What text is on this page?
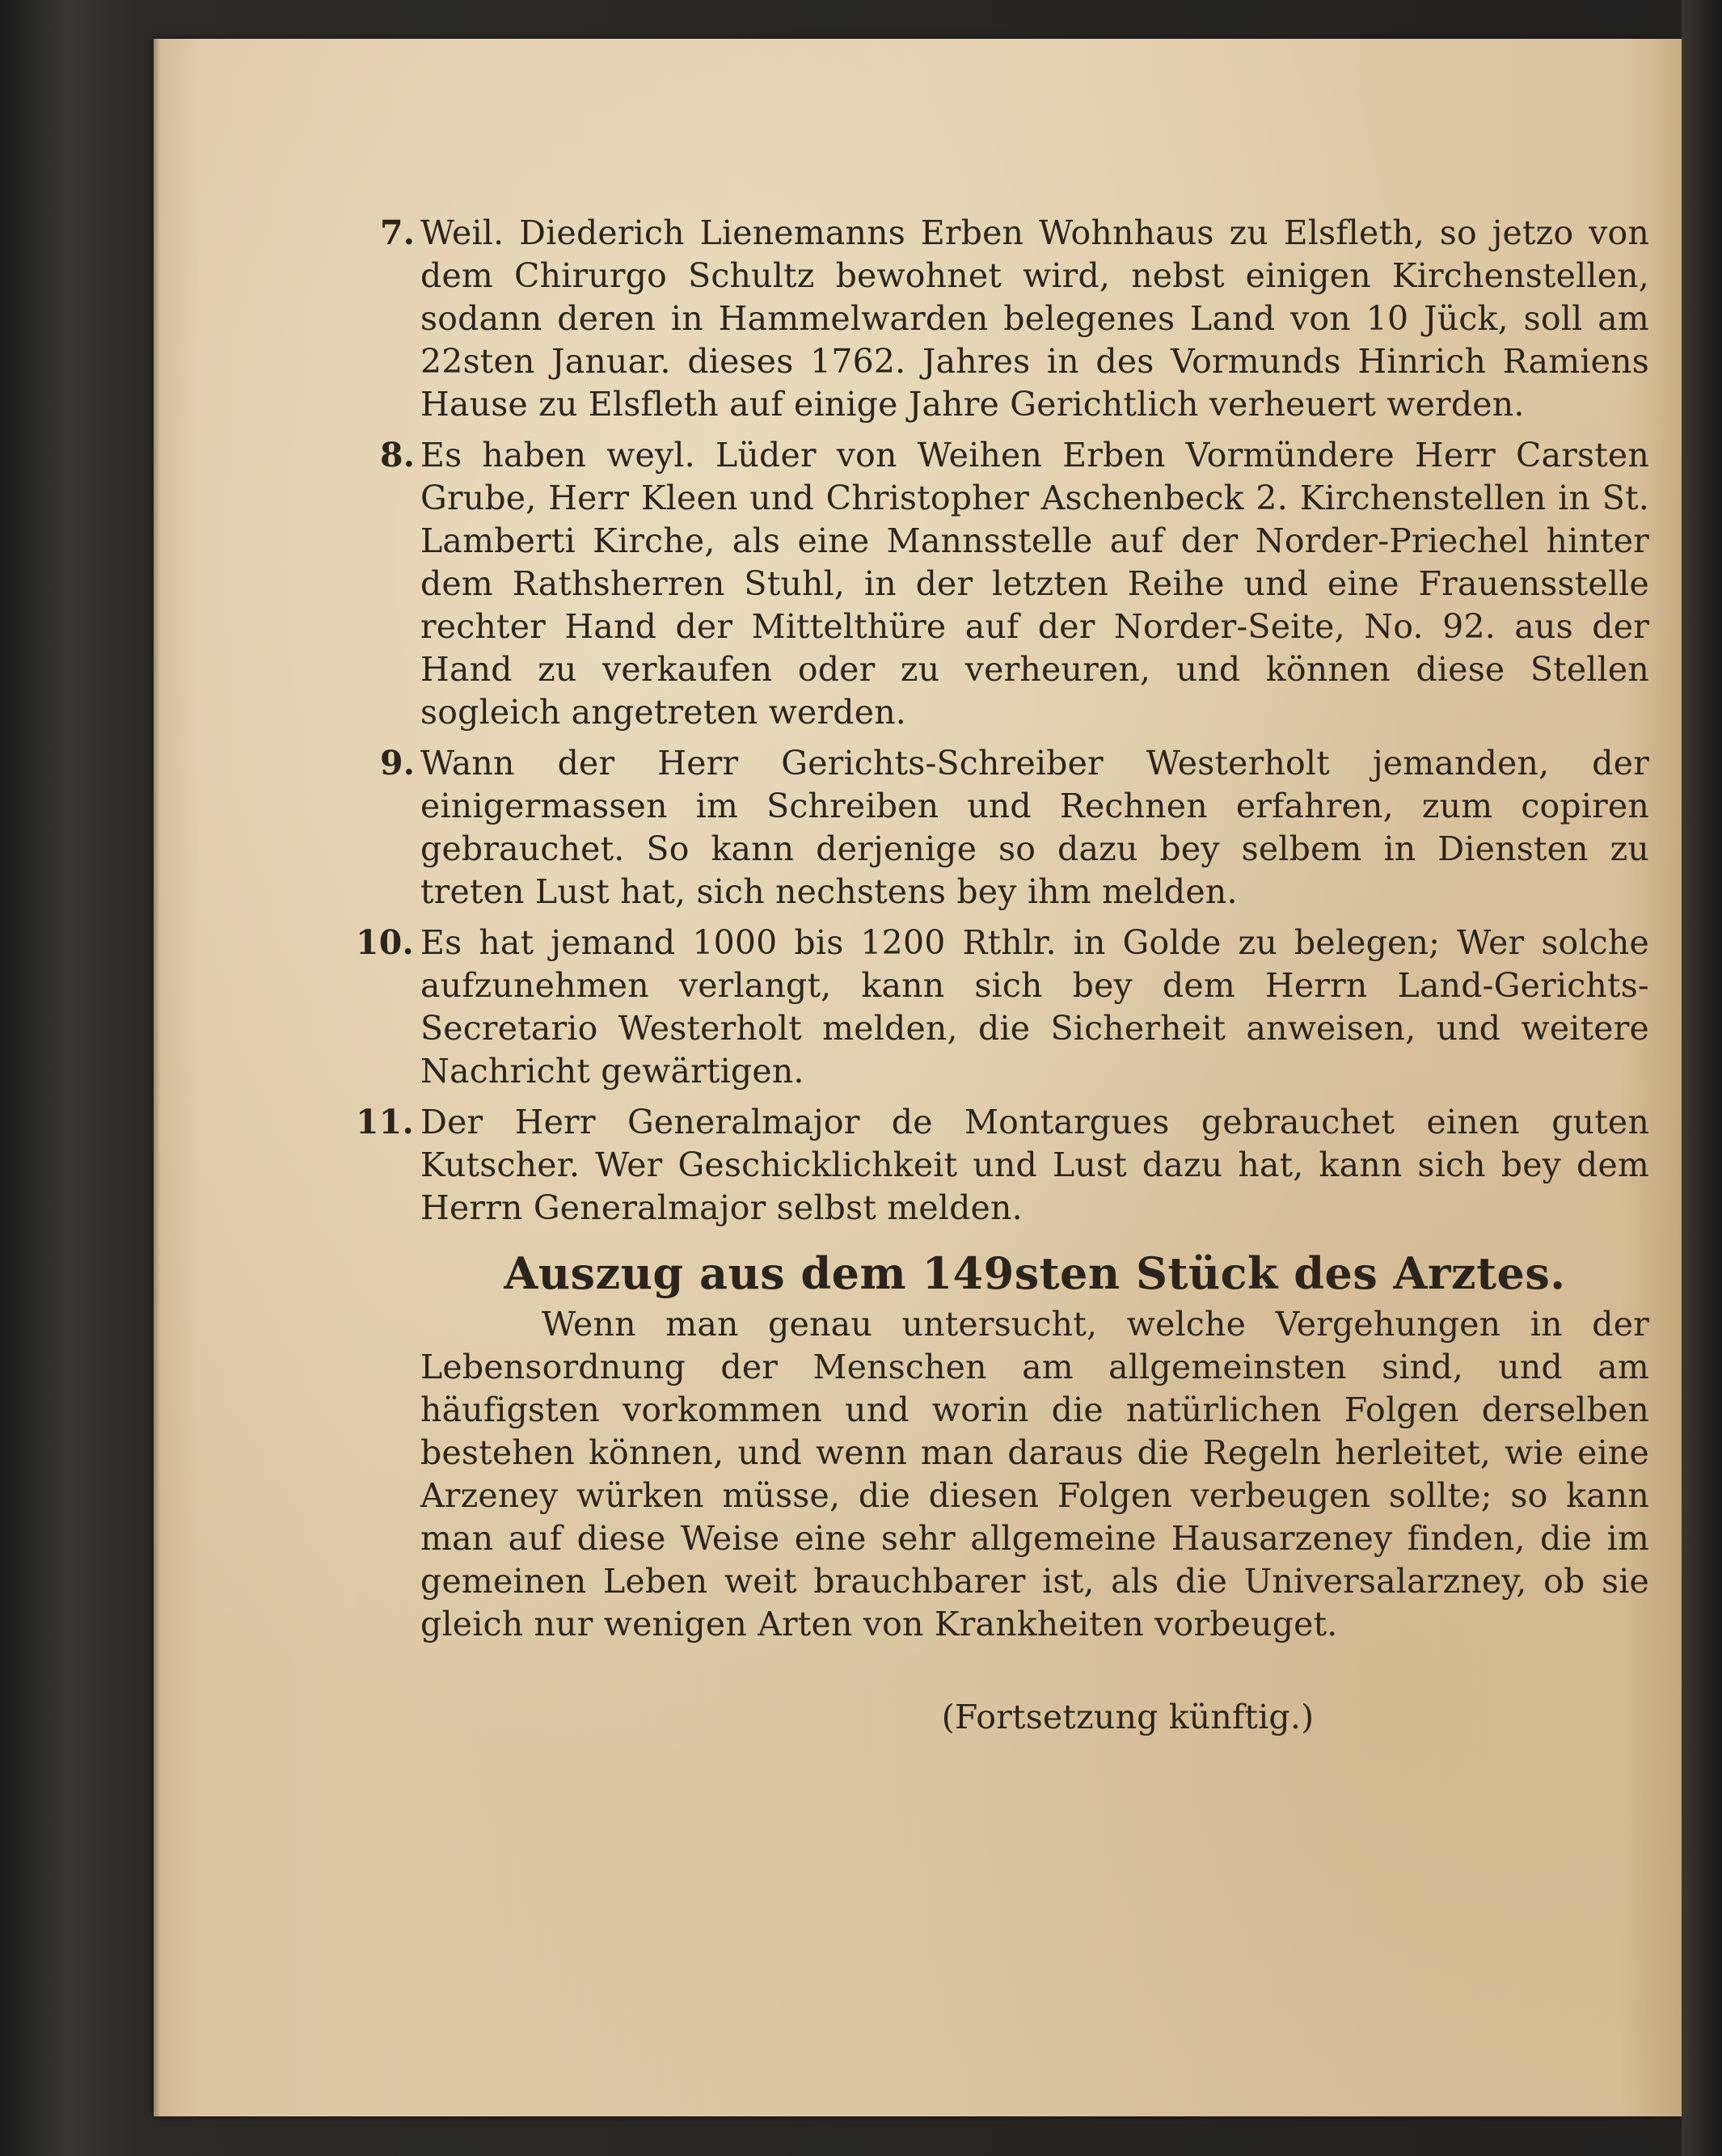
7. Weil. Diederich Lienemanns Erben Wohnhaus zu Elsfleth, so jetzo von dem Chirurgo Schultz bewohnet wird, nebst einigen Kirchenstellen, sodann deren in Hammelwarden belegenes Land von 10 Jück, soll am 22sten Januar. dieses 1762. Jahres in des Vormunds Hinrich Ramiens Hause zu Elsfleth auf einige Jahre Gerichtlich verheuert werden.
8. Es haben weyl. Lüder von Weihen Erben Vormündere Herr Carsten Grube, Herr Kleen und Christopher Aschenbeck 2. Kirchenstellen in St. Lamberti Kirche, als eine Mannsstelle auf der Norder-Priechel hinter dem Rathsherren Stuhl, in der letzten Reihe und eine Frauensstelle rechter Hand der Mittelthüre auf der Norder-Seite, No. 92. aus der Hand zu verkaufen oder zu verheuren, und können diese Stellen sogleich angetreten werden.
9. Wann der Herr Gerichts-Schreiber Westerholt jemanden, der einigermassen im Schreiben und Rechnen erfahren, zum copiren gebrauchet. So kann derjenige so dazu bey selbem in Diensten zu treten Lust hat, sich nechstens bey ihm melden.
10. Es hat jemand 1000 bis 1200 Rthlr. in Golde zu belegen; Wer solche aufzunehmen verlangt, kann sich bey dem Herrn Land-Gerichts-Secretario Westerholt melden, die Sicherheit anweisen, und weitere Nachricht gewärtigen.
11. Der Herr Generalmajor de Montargues gebrauchet einen guten Kutscher. Wer Geschicklichkeit und Lust dazu hat, kann sich bey dem Herrn Generalmajor selbst melden.
Auszug aus dem 149sten Stück des Arztes.
Wenn man genau untersucht, welche Vergehungen in der Lebensordnung der Menschen am allgemeinsten sind, und am häufigsten vorkommen und worin die natürlichen Folgen derselben bestehen können, und wenn man daraus die Regeln herleitet, wie eine Arzeney würken müsse, die diesen Folgen verbeugen sollte; so kann man auf diese Weise eine sehr allgemeine Hausarzeney finden, die im gemeinen Leben weit brauchbarer ist, als die Universalarzney, ob sie gleich nur wenigen Arten von Krankheiten vorbeuget.
(Fortsetzung künftig.)
